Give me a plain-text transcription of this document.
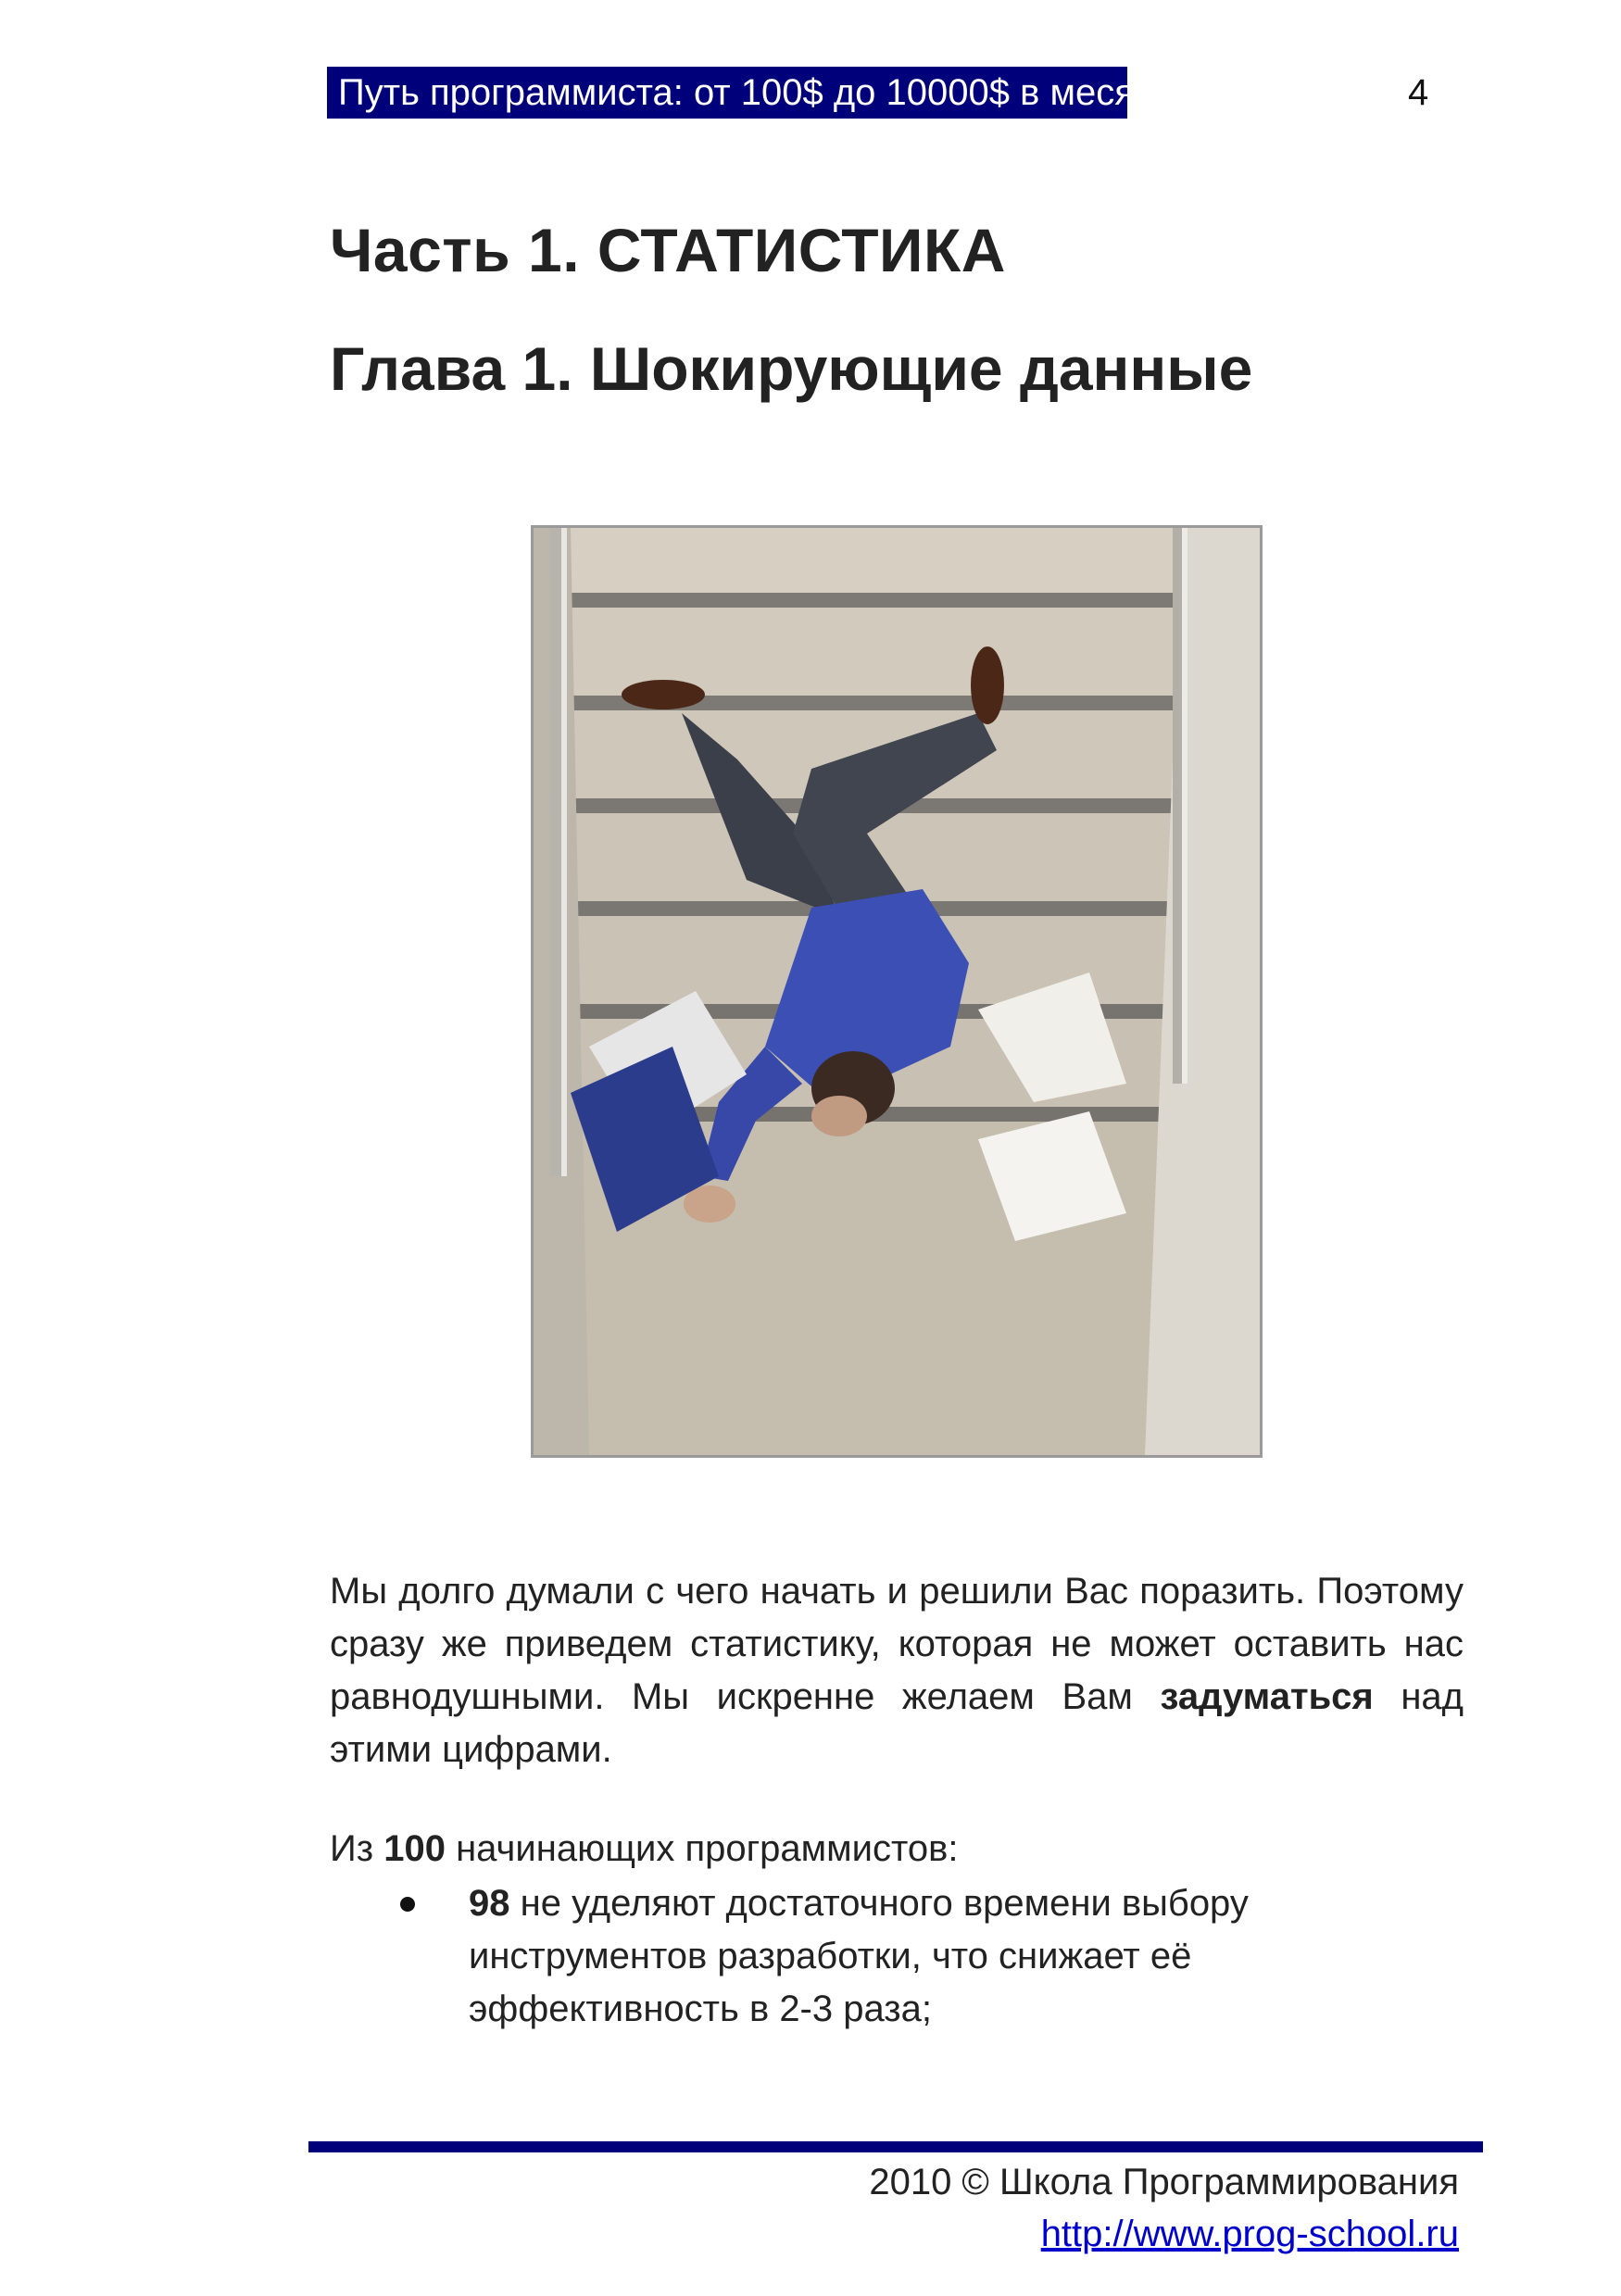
Путь программиста: от 100$ до 10000$ в месяц	4
Часть 1. СТАТИСТИКА
Глава 1. Шокирующие данные
Мы долго думали с чего начать и решили Вас поразить. Поэтому сразу же приведем статистику, которая не может оставить нас равнодушными. Мы искренне желаем Вам задуматься над этими цифрами.
Из 100 начинающих программистов:
98 не уделяют достаточного времени выбору инструментов разработки, что снижает её эффективность в 2-3 раза;
2010 © Школа Программирования
http://www.prog-school.ru
